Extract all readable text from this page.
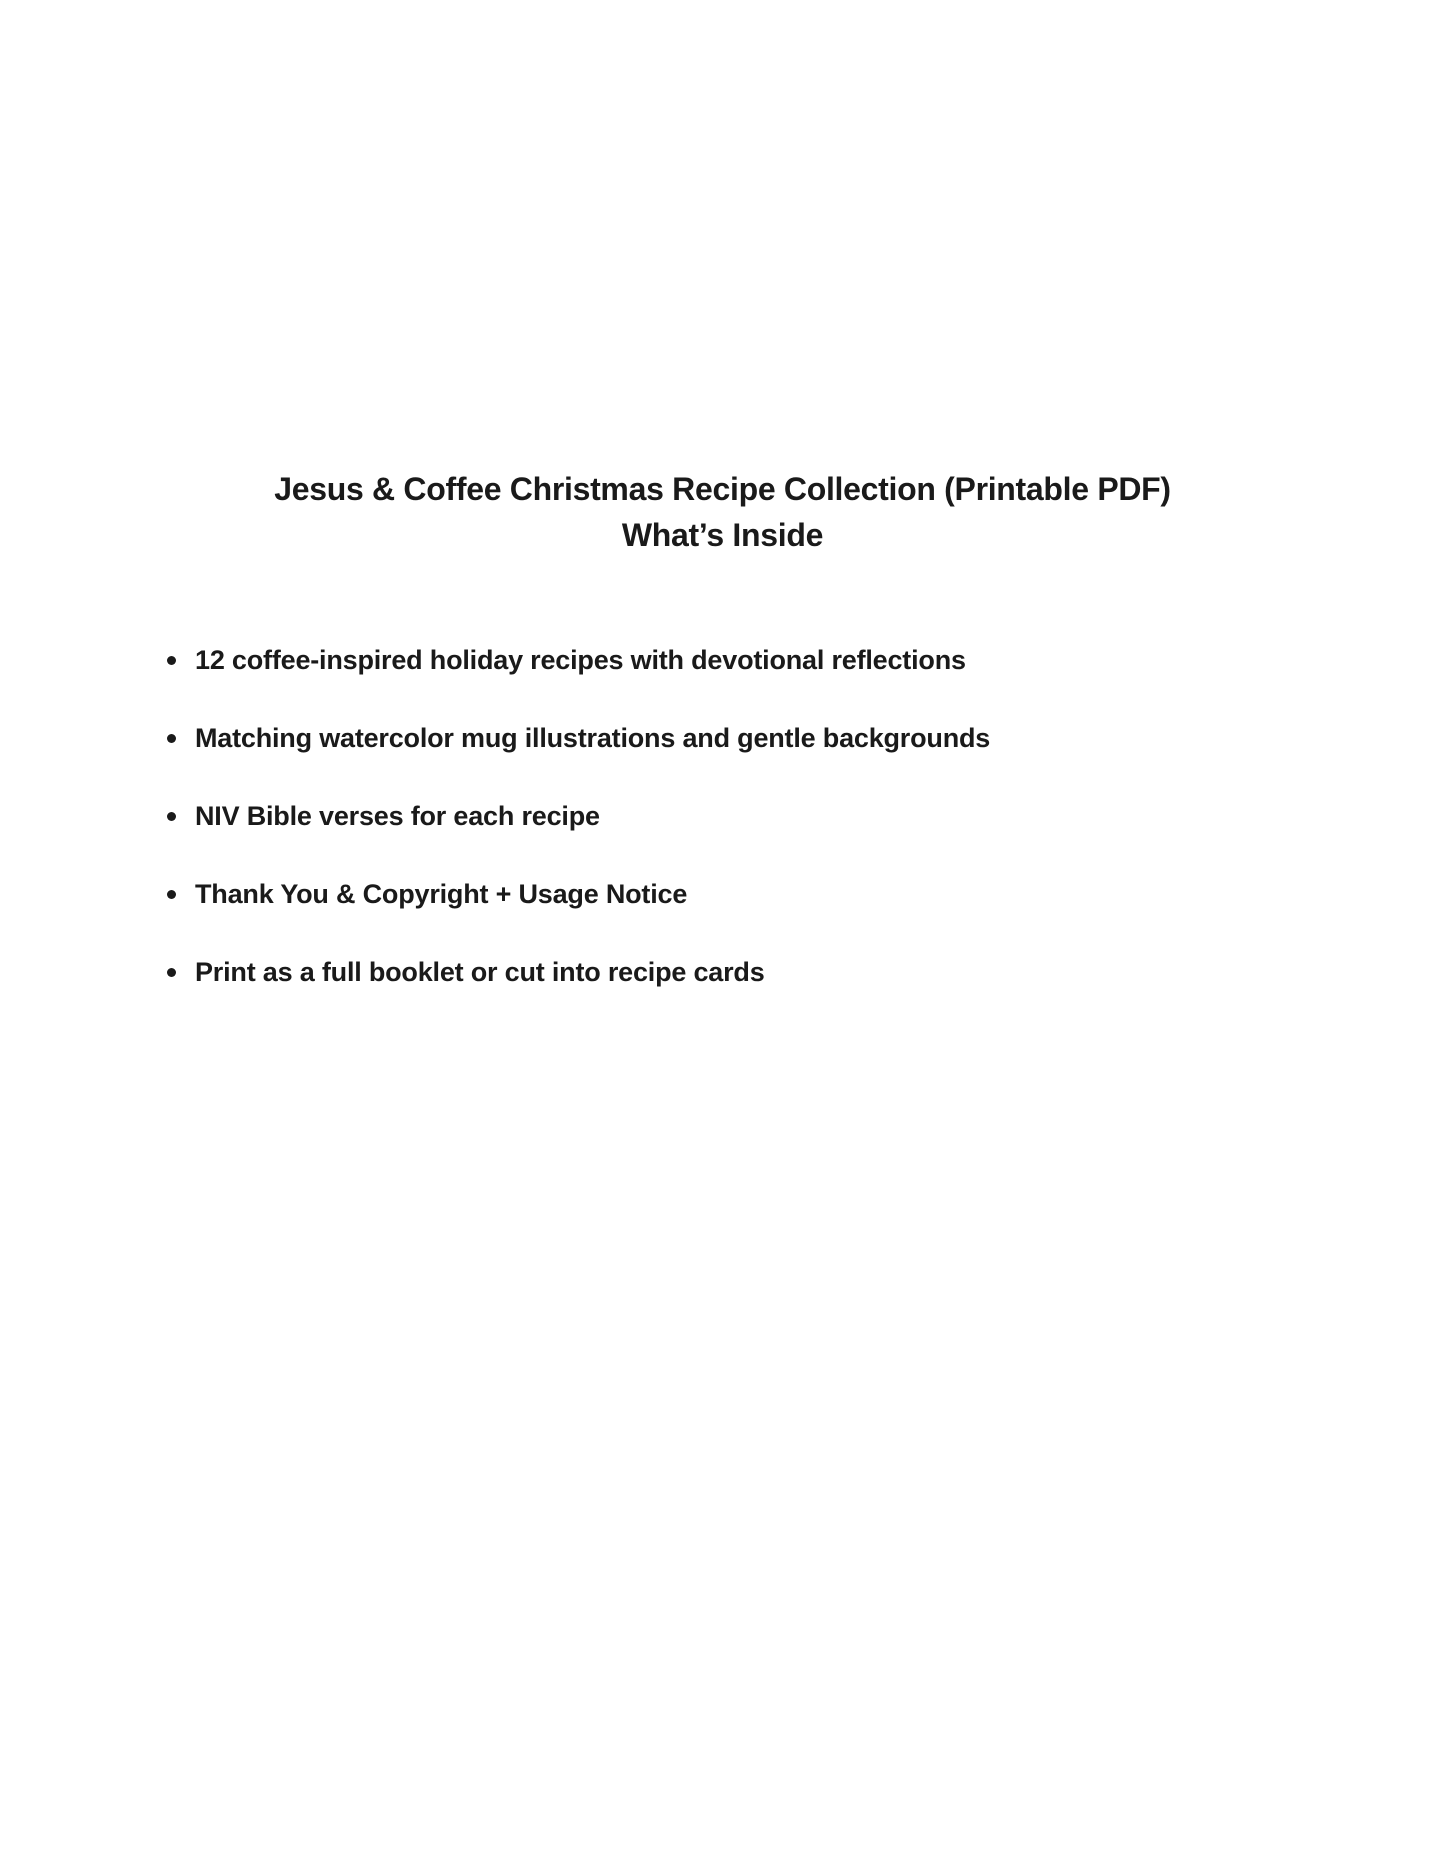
Jesus & Coffee Christmas Recipe Collection (Printable PDF)
What’s Inside
12 coffee-inspired holiday recipes with devotional reflections
Matching watercolor mug illustrations and gentle backgrounds
NIV Bible verses for each recipe
Thank You & Copyright + Usage Notice
Print as a full booklet or cut into recipe cards
